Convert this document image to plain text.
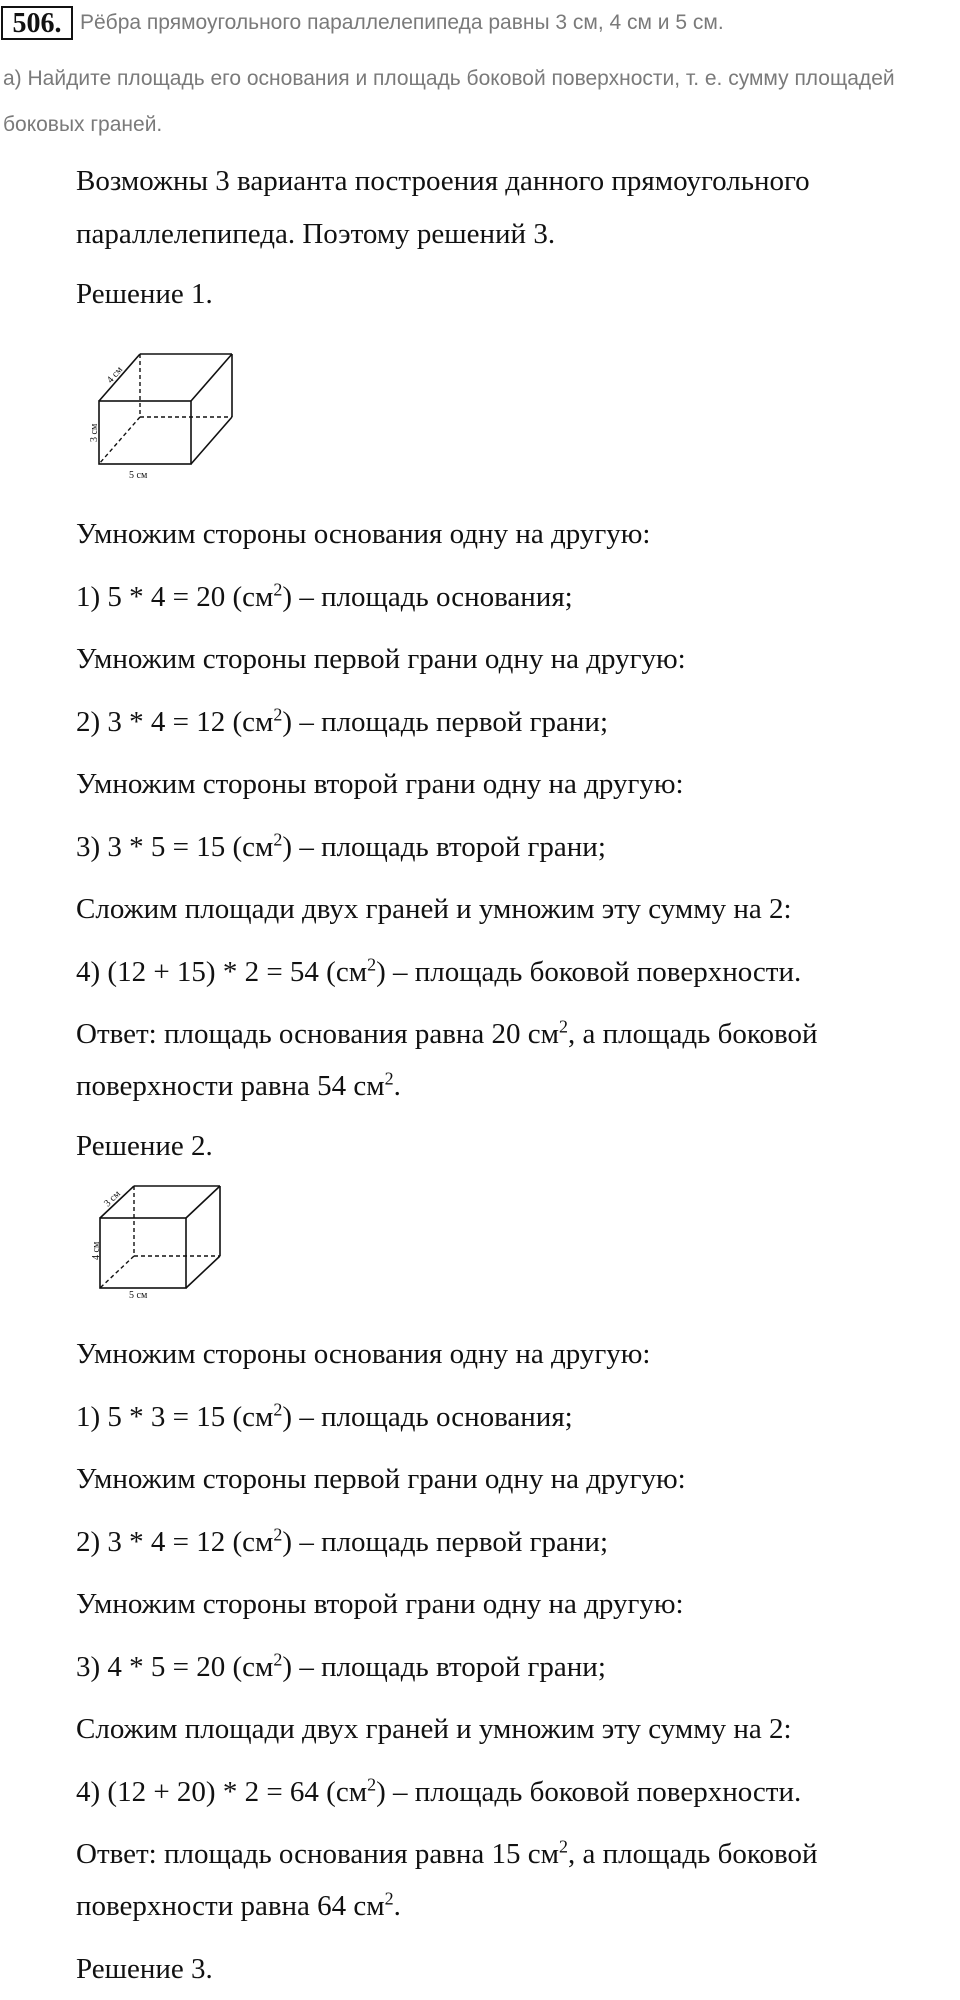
506. Рёбра прямоугольного параллелепипеда равны 3 см, 4 см и 5 см.
а) Найдите площадь его основания и площадь боковой поверхности, т. е. сумму площадей
боковых граней.
Возможны 3 варианта построения данного прямоугольного
параллелепипеда. Поэтому решений 3.
Решение 1.
4 см
3 см
5 см
Умножим стороны основания одну на другую:
1) 5 * 4 = 20 $(см^2)$ – площадь основания;
Умножим стороны первой грани одну на другую:
2) 3 * 4 = 12 $(см^2)$ – площадь первой грани;
Умножим стороны второй грани одну на другую:
3) 3 * 5 = 15 $(см^2)$ – площадь второй грани;
Сложим площади двух граней и умножим эту сумму на 2:
4) (12 + 15) * 2 = 54 $(см^2)$ – площадь боковой поверхности.
Ответ: площадь основания равна 20 $см^2$, а площадь боковой
поверхности равна 54 $см^2$.
Решение 2.
3 см
4 см
5 см
Умножим стороны основания одну на другую:
1) 5 * 3 = 15 $(см^2)$ – площадь основания;
Умножим стороны первой грани одну на другую:
2) 3 * 4 = 12 $(см^2)$ – площадь первой грани;
Умножим стороны второй грани одну на другую:
3) 4 * 5 = 20 $(см^2)$ – площадь второй грани;
Сложим площади двух граней и умножим эту сумму на 2:
4) (12 + 20) * 2 = 64 $(см^2)$ – площадь боковой поверхности.
Ответ: площадь основания равна 15 $см^2$, а площадь боковой
поверхности равна 64 $см^2$.
Решение 3.
